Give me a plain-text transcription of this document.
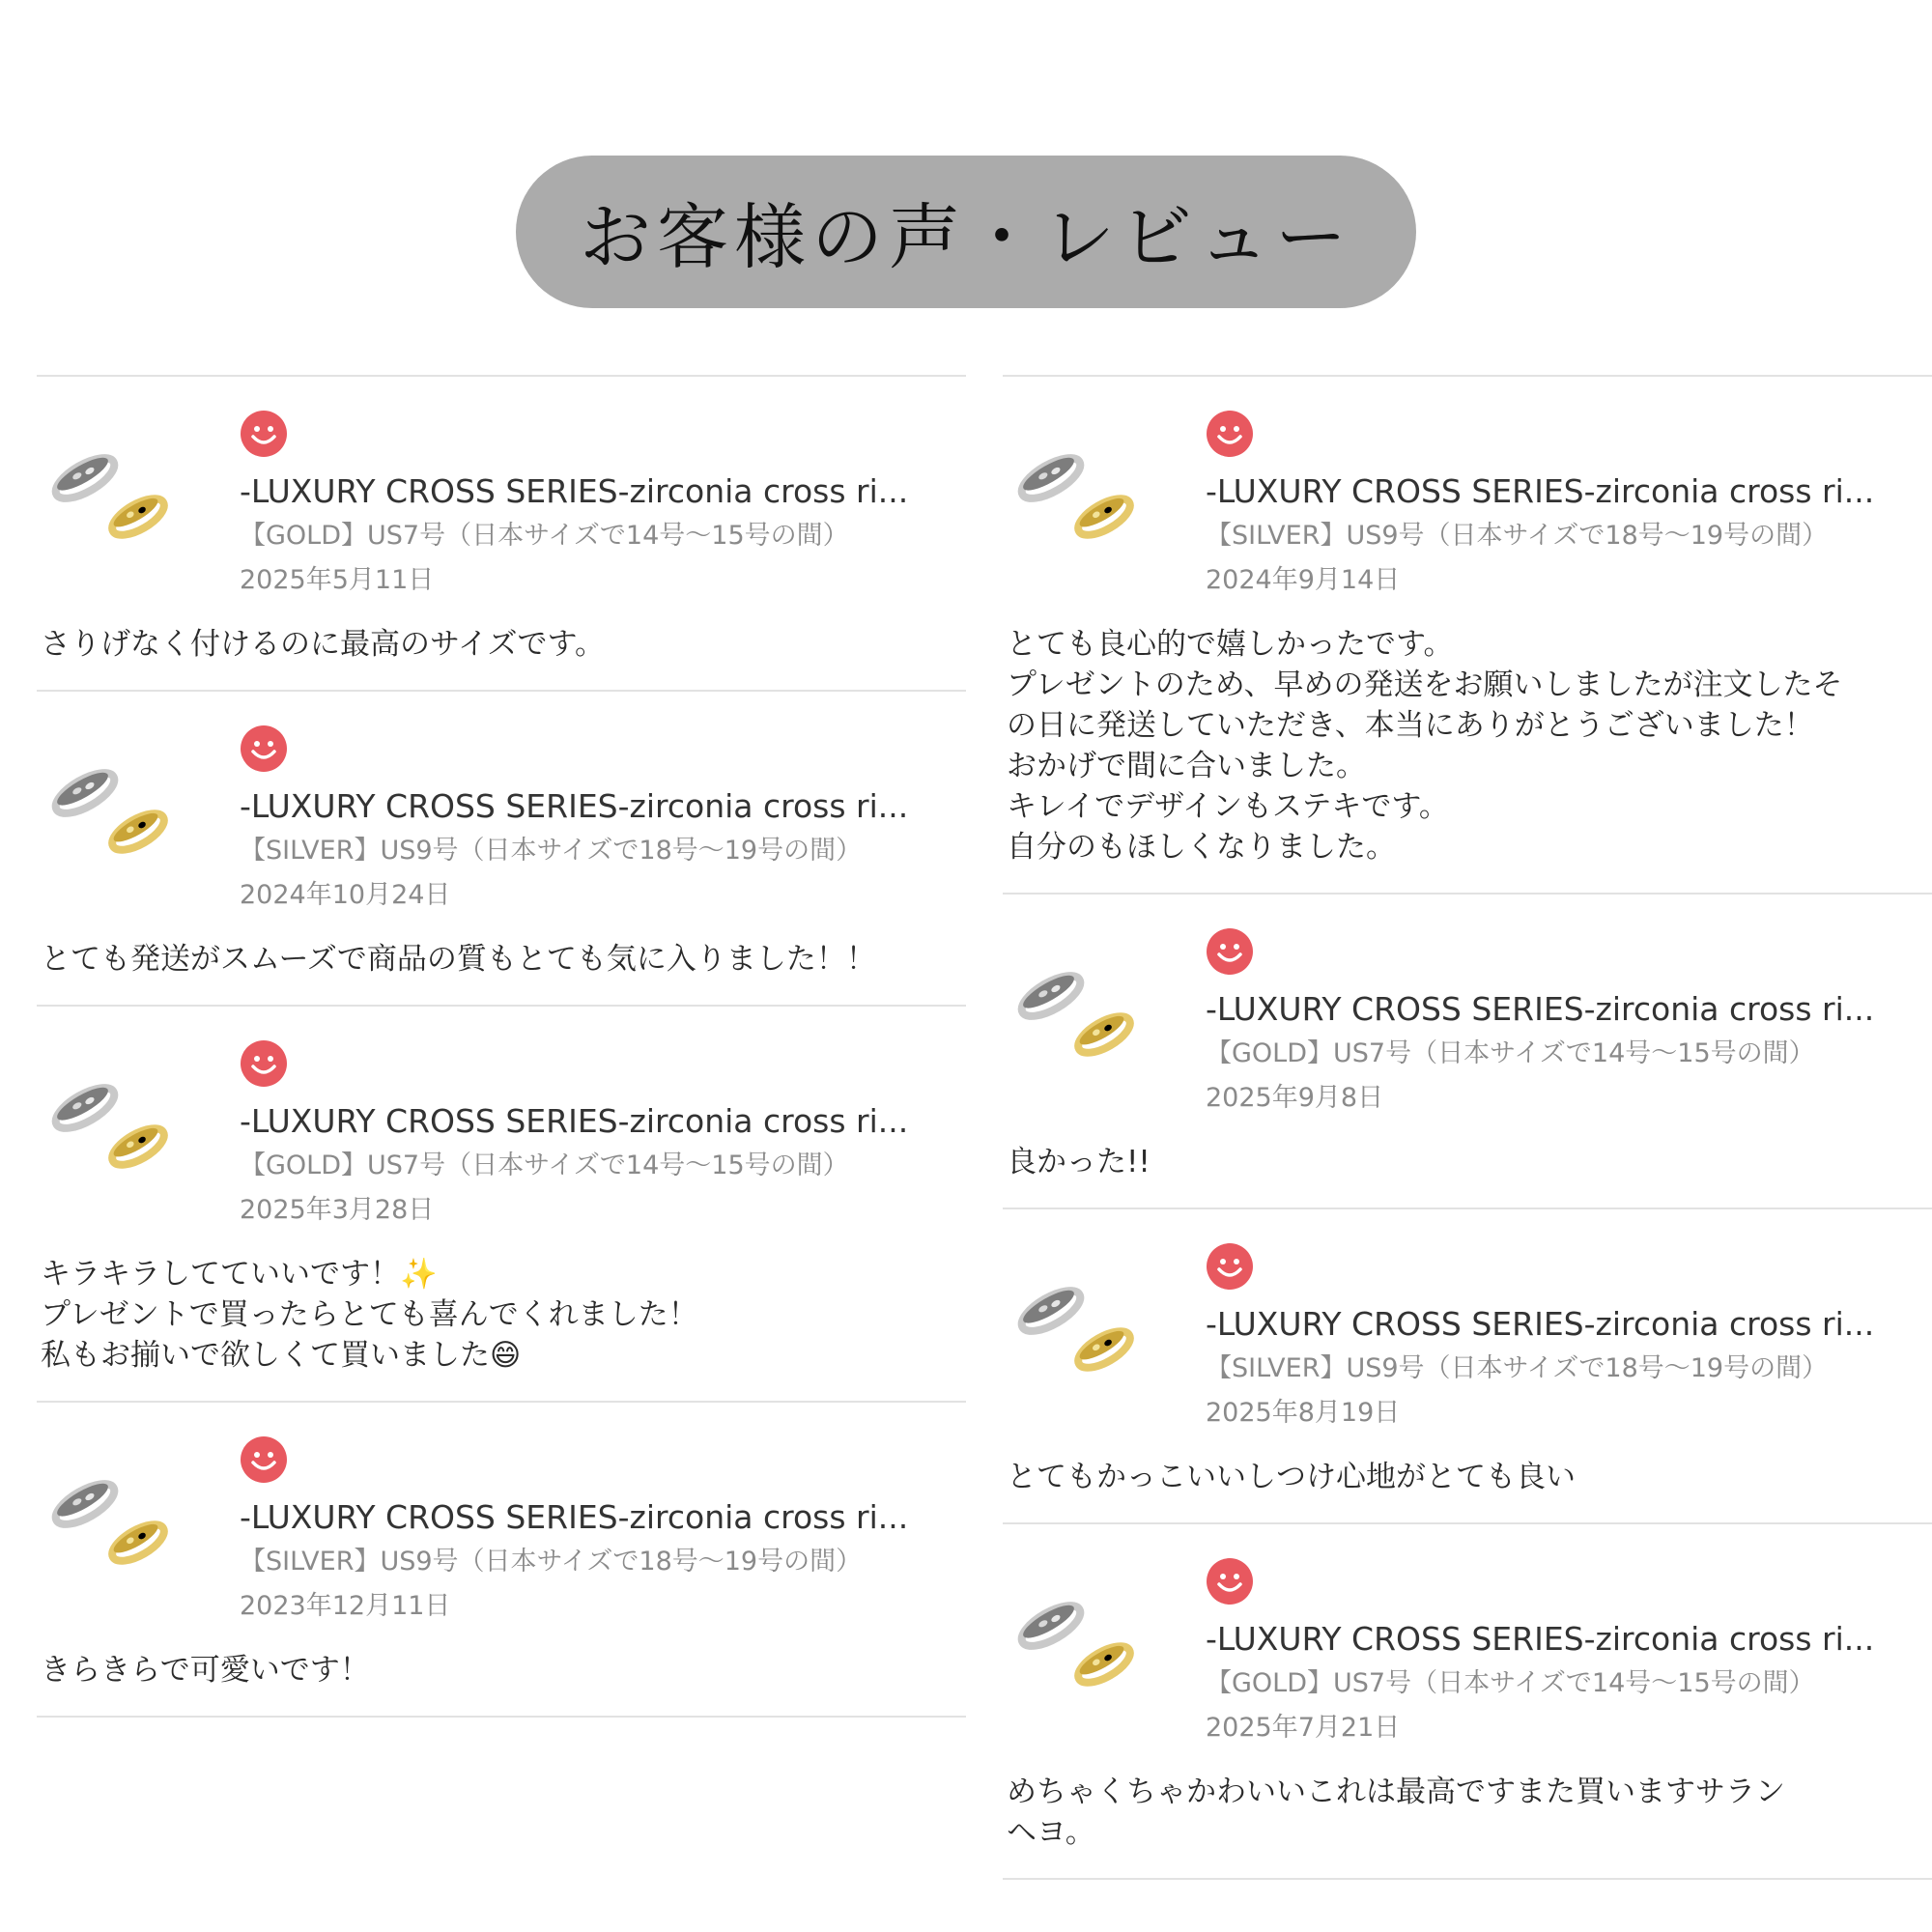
お客様の声・レビュー
-LUXURY CROSS SERIES-zirconia cross ri...
【GOLD】US7号（日本サイズで14号〜15号の間）
2025年5月11日
さりげなく付けるのに最高のサイズです。
-LUXURY CROSS SERIES-zirconia cross ri...
【SILVER】US9号（日本サイズで18号〜19号の間）
2024年10月24日
とても発送がスムーズで商品の質もとても気に入りました！！
-LUXURY CROSS SERIES-zirconia cross ri...
【GOLD】US7号（日本サイズで14号〜15号の間）
2025年3月28日
キラキラしてていいです！✨
プレゼントで買ったらとても喜んでくれました！
私もお揃いで欲しくて買いました😄
-LUXURY CROSS SERIES-zirconia cross ri...
【SILVER】US9号（日本サイズで18号〜19号の間）
2023年12月11日
きらきらで可愛いです！
-LUXURY CROSS SERIES-zirconia cross ri...
【SILVER】US9号（日本サイズで18号〜19号の間）
2024年9月14日
とても良心的で嬉しかったです。
プレゼントのため、早めの発送をお願いしましたが注文したそ
の日に発送していただき、本当にありがとうございました！
おかげで間に合いました。
キレイでデザインもステキです。
自分のもほしくなりました。
-LUXURY CROSS SERIES-zirconia cross ri...
【GOLD】US7号（日本サイズで14号〜15号の間）
2025年9月8日
良かった!!
-LUXURY CROSS SERIES-zirconia cross ri...
【SILVER】US9号（日本サイズで18号〜19号の間）
2025年8月19日
とてもかっこいいしつけ心地がとても良い
-LUXURY CROSS SERIES-zirconia cross ri...
【GOLD】US7号（日本サイズで14号〜15号の間）
2025年7月21日
めちゃくちゃかわいいこれは最高ですまた買いますサラン
ヘヨ。
